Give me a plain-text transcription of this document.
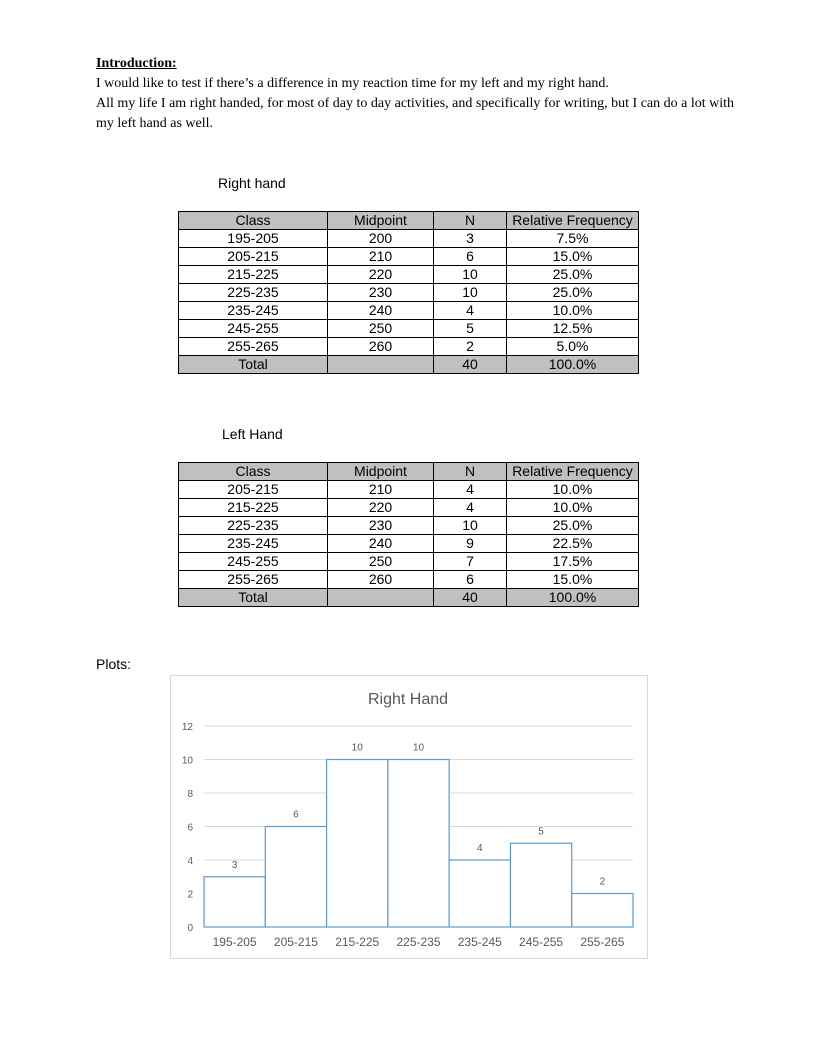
Introduction:

I would like to test if there’s a difference in my reaction time for my left and my right hand.

All my life I am right handed, for most of day to day activities, and specifically for writing, but I can do a lot with my left hand as well.

Right hand
Class	Midpoint	N	Relative Frequency
195-205	200	3	7.5%
205-215	210	6	15.0%
215-225	220	10	25.0%
225-235	230	10	25.0%
235-245	240	4	10.0%
245-255	250	5	12.5%
255-265	260	2	5.0%
Total		40	100.0%
Left Hand
Class	Midpoint	N	Relative Frequency
205-215	210	4	10.0%
215-225	220	4	10.0%
225-235	230	10	25.0%
235-245	240	9	22.5%
245-255	250	7	17.5%
255-265	260	6	15.0%
Total		40	100.0%
Plots:
Right Hand
0
2
4
6
8
10
12
3
195-205
6
205-215
10
215-225
10
225-235
4
235-245
5
245-255
2
255-265
